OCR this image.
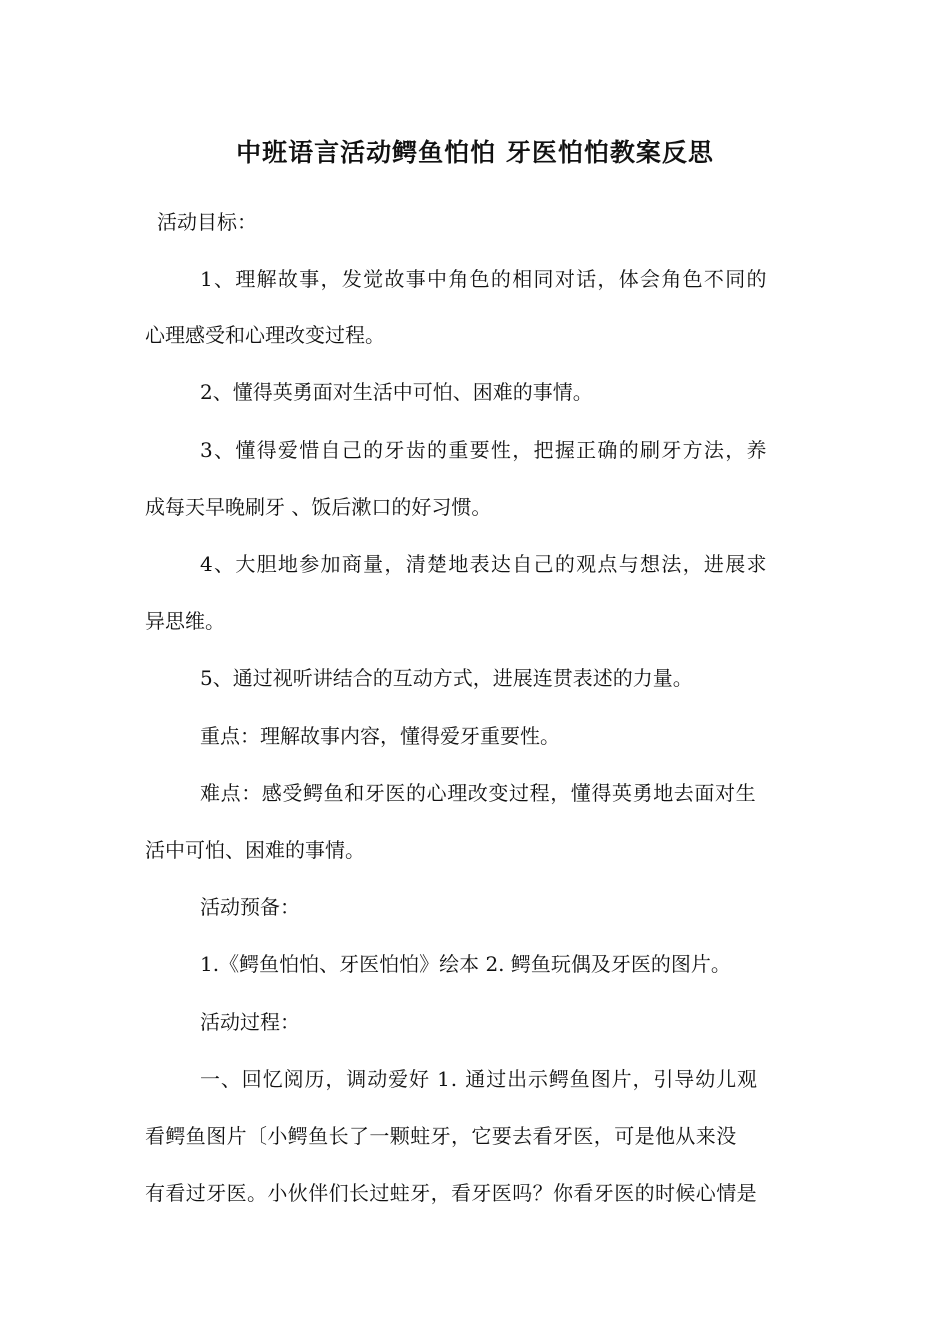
中班语言活动鳄鱼怕怕 牙医怕怕教案反思
活动目标：
1、理解故事，发觉故事中角色的相同对话，体会角色不同的
心理感受和心理改变过程。
2、懂得英勇面对生活中可怕、困难的事情。
3、懂得爱惜自己的牙齿的重要性，把握正确的刷牙方法，养
成每天早晚刷牙 、饭后漱口的好习惯。
4、大胆地参加商量，清楚地表达自己的观点与想法，进展求
异思维。
5、通过视听讲结合的互动方式，进展连贯表述的力量。
重点：理解故事内容，懂得爱牙重要性。
难点：感受鳄鱼和牙医的心理改变过程，懂得英勇地去面对生
活中可怕、困难的事情。
活动预备：
1.《鳄鱼怕怕、牙医怕怕》绘本 2. 鳄鱼玩偶及牙医的图片。
活动过程：
一、回忆阅历，调动爱好 1. 通过出示鳄鱼图片，引导幼儿观
看鳄鱼图片〔小鳄鱼长了一颗蛀牙，它要去看牙医，可是他从来没
有看过牙医。小伙伴们长过蛀牙，看牙医吗？你看牙医的时候心情是
